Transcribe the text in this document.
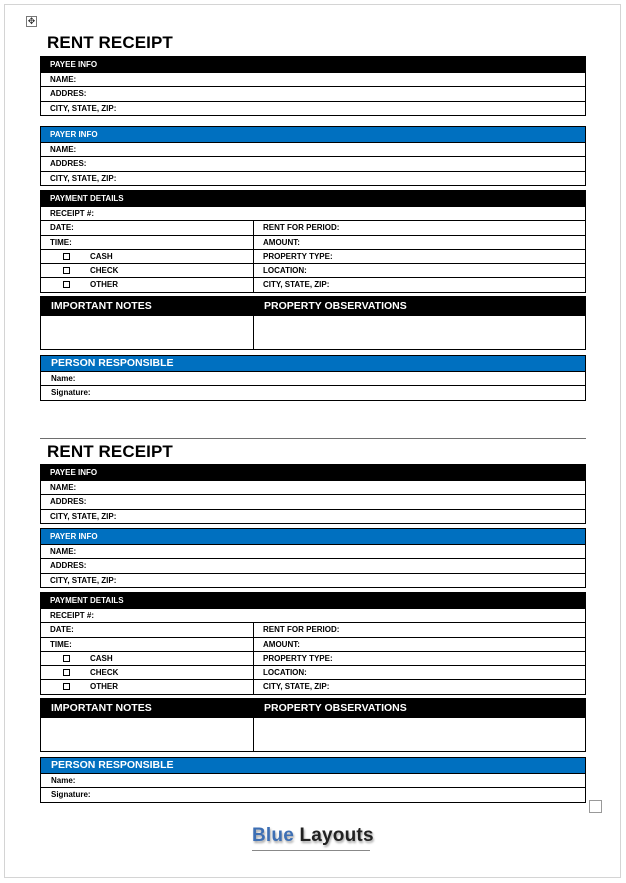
✥
RENT RECEIPT
PAYEE INFO
NAME:
ADDRES:
CITY, STATE, ZIP:
PAYER INFO
NAME:
ADDRES:
CITY, STATE, ZIP:
PAYMENT DETAILS
RECEIPT #:
DATE:	RENT FOR PERIOD:
TIME:	AMOUNT:
CASH	PROPERTY TYPE:
CHECK	LOCATION:
OTHER	CITY, STATE, ZIP:
IMPORTANT NOTES	PROPERTY OBSERVATIONS
PERSON RESPONSIBLE
Name:
Signature:
RENT RECEIPT
PAYEE INFO
NAME:
ADDRES:
CITY, STATE, ZIP:
PAYER INFO
NAME:
ADDRES:
CITY, STATE, ZIP:
PAYMENT DETAILS
RECEIPT #:
DATE:	RENT FOR PERIOD:
TIME:	AMOUNT:
CASH	PROPERTY TYPE:
CHECK	LOCATION:
OTHER	CITY, STATE, ZIP:
IMPORTANT NOTES	PROPERTY OBSERVATIONS
PERSON RESPONSIBLE
Name:
Signature:
Blue Layouts
